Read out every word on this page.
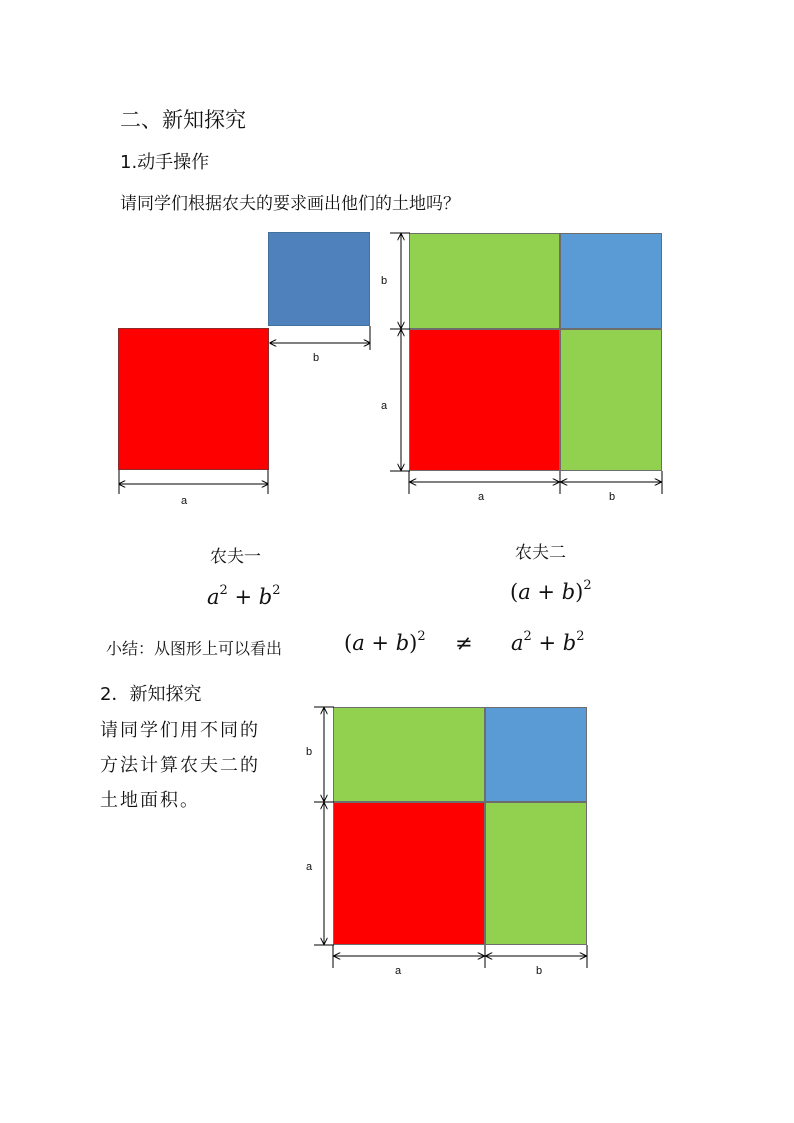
二、新知探究
1.动手操作
请同学们根据农夫的要求画出他们的土地吗？
b
a
b
a
a	b
b
a
a	b
农夫一	农夫二
$a^2 + b^2$	$(a + b)^2$
小结：从图形上可以看出	$(a + b)^2 \ne a^2 + b^2$
2．新知探究
请同学们用不同的
方法计算农夫二的
土地面积。
